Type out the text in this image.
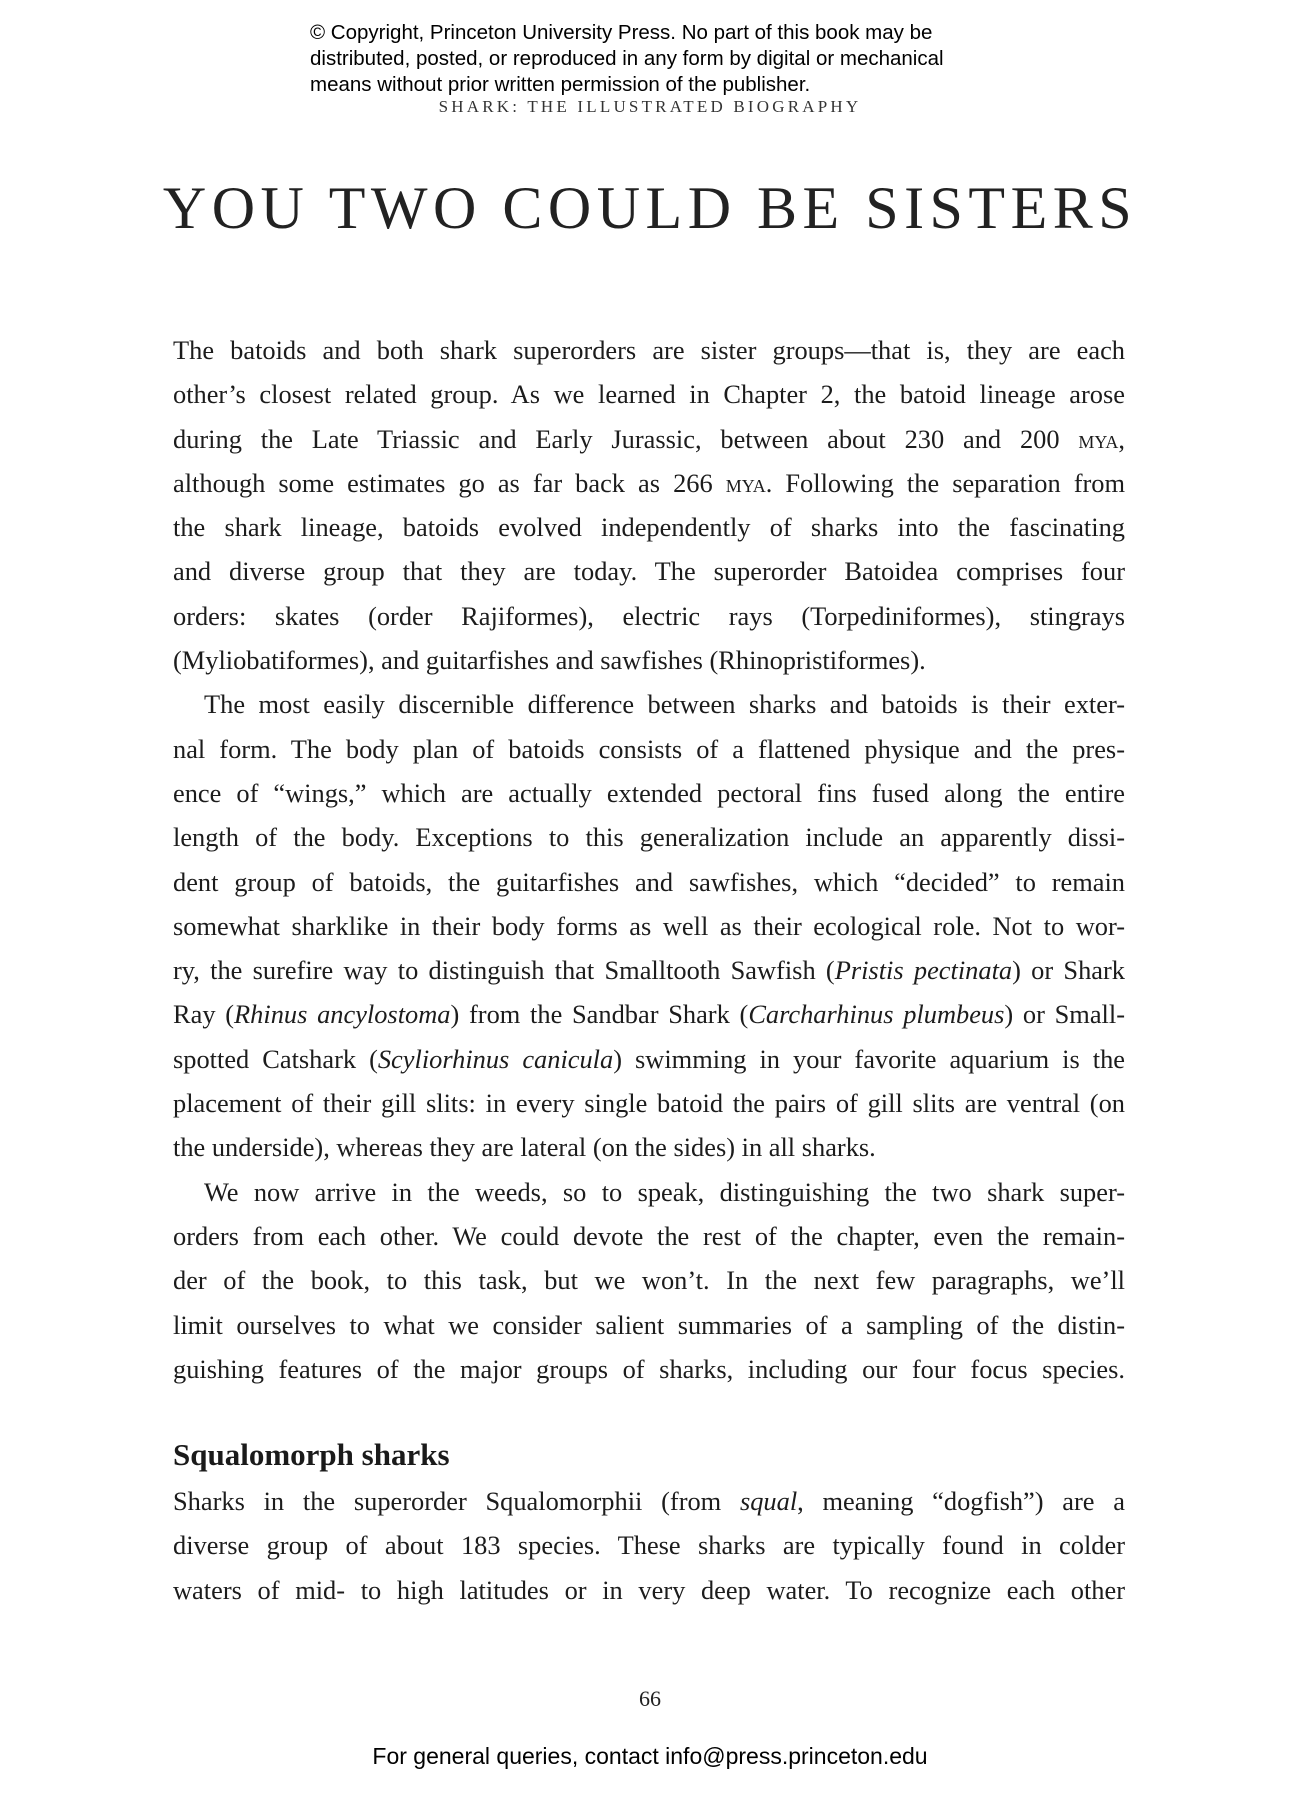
© Copyright, Princeton University Press. No part of this book may be
distributed, posted, or reproduced in any form by digital or mechanical
means without prior written permission of the publisher.
SHARK: THE ILLUSTRATED BIOGRAPHY
YOU TWO COULD BE SISTERS
The batoids and both shark superorders are sister groups—that is, they are each
other’s closest related group. As we learned in Chapter 2, the batoid lineage arose
during the Late Triassic and Early Jurassic, between about 230 and 200 mya,
although some estimates go as far back as 266 mya. Following the separation from
the shark lineage, batoids evolved independently of sharks into the fascinating
and diverse group that they are today. The superorder Batoidea comprises four
orders: skates (order Rajiformes), electric rays (Torpediniformes), stingrays
(Myliobatiformes), and guitarfishes and sawfishes (Rhinopristiformes).
The most easily discernible difference between sharks and batoids is their exter-
nal form. The body plan of batoids consists of a flattened physique and the pres-
ence of “wings,” which are actually extended pectoral fins fused along the entire
length of the body. Exceptions to this generalization include an apparently dissi-
dent group of batoids, the guitarfishes and sawfishes, which “decided” to remain
somewhat sharklike in their body forms as well as their ecological role. Not to wor-
ry, the surefire way to distinguish that Smalltooth Sawfish (Pristis pectinata) or Shark
Ray (Rhinus ancylostoma) from the Sandbar Shark (Carcharhinus plumbeus) or Small-
spotted Catshark (Scyliorhinus canicula) swimming in your favorite aquarium is the
placement of their gill slits: in every single batoid the pairs of gill slits are ventral (on
the underside), whereas they are lateral (on the sides) in all sharks.
We now arrive in the weeds, so to speak, distinguishing the two shark super-
orders from each other. We could devote the rest of the chapter, even the remain-
der of the book, to this task, but we won’t. In the next few paragraphs, we’ll
limit ourselves to what we consider salient summaries of a sampling of the distin-
guishing features of the major groups of sharks, including our four focus species.
Squalomorph sharks
Sharks in the superorder Squalomorphii (from squal, meaning “dogfish”) are a
diverse group of about 183 species. These sharks are typically found in colder
waters of mid- to high latitudes or in very deep water. To recognize each other
66
For general queries, contact info@press.princeton.edu
